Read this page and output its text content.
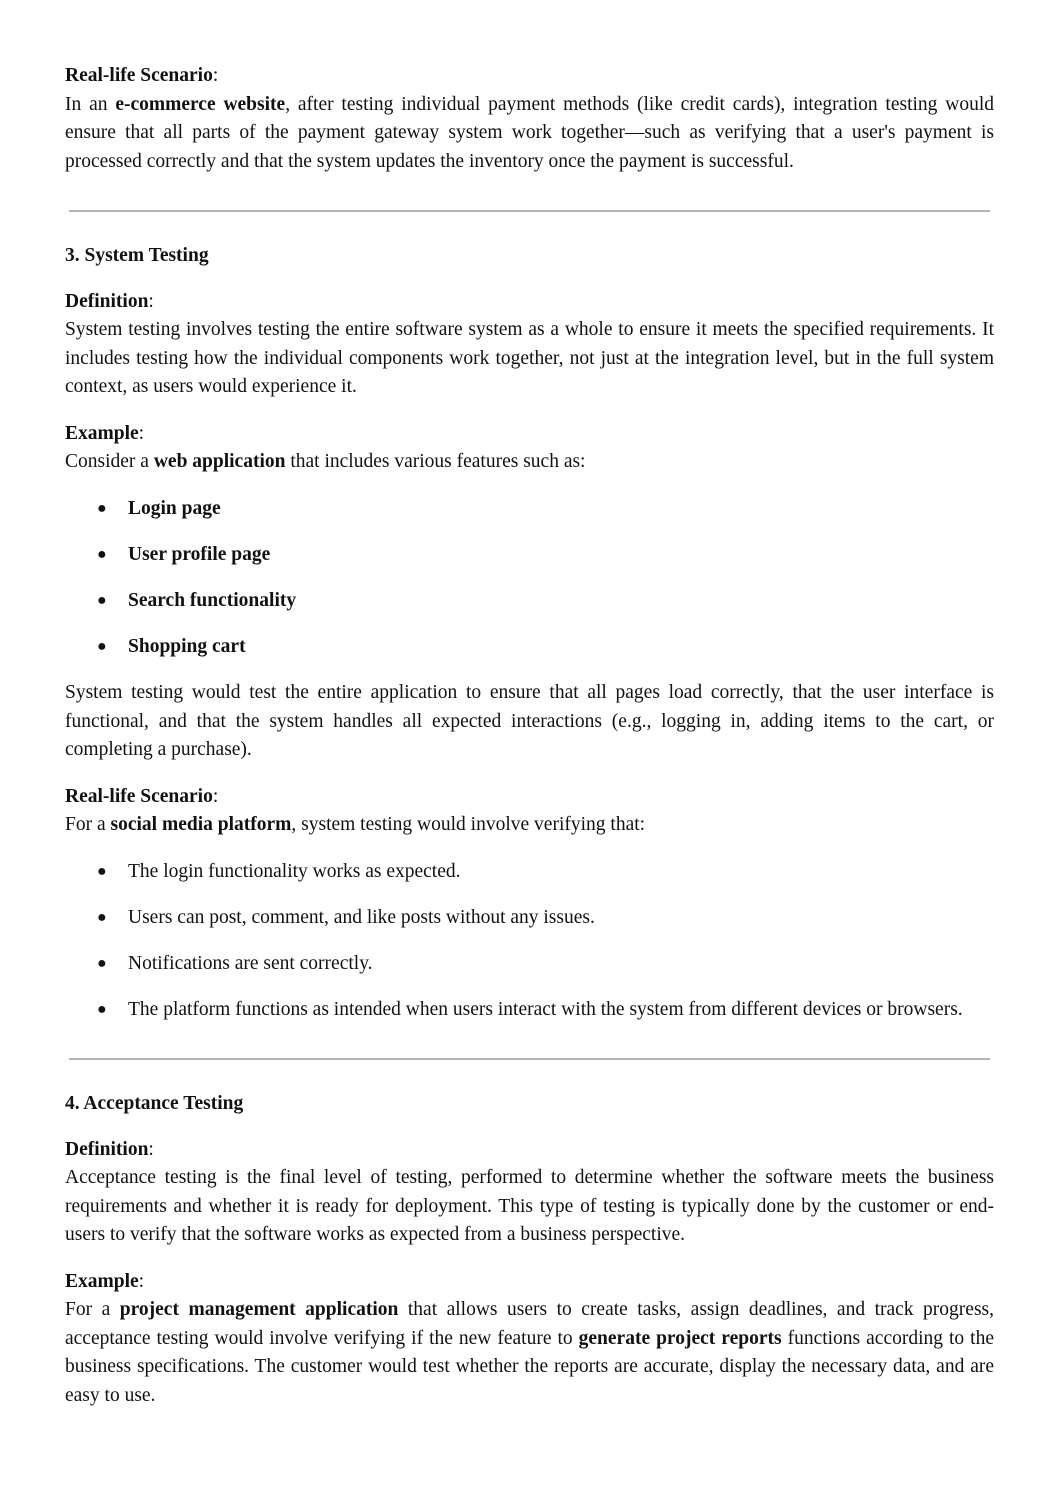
Real-life Scenario:

In an e-commerce website, after testing individual payment methods (like credit cards), integration testing would ensure that all parts of the payment gateway system work together—such as verifying that a user's payment is processed correctly and that the system updates the inventory once the payment is successful.

3. System Testing

Definition:

System testing involves testing the entire software system as a whole to ensure it meets the specified requirements. It includes testing how the individual components work together, not just at the integration level, but in the full system context, as users would experience it.

Example:

Consider a web application that includes various features such as:

● Login page
● User profile page
● Search functionality
● Shopping cart

System testing would test the entire application to ensure that all pages load correctly, that the user interface is functional, and that the system handles all expected interactions (e.g., logging in, adding items to the cart, or completing a purchase).

Real-life Scenario:

For a social media platform, system testing would involve verifying that:

● The login functionality works as expected.
● Users can post, comment, and like posts without any issues.
● Notifications are sent correctly.
● The platform functions as intended when users interact with the system from different devices or browsers.

4. Acceptance Testing

Definition:

Acceptance testing is the final level of testing, performed to determine whether the software meets the business requirements and whether it is ready for deployment. This type of testing is typically done by the customer or end-users to verify that the software works as expected from a business perspective.

Example:

For a project management application that allows users to create tasks, assign deadlines, and track progress, acceptance testing would involve verifying if the new feature to generate project reports functions according to the business specifications. The customer would test whether the reports are accurate, display the necessary data, and are easy to use.
